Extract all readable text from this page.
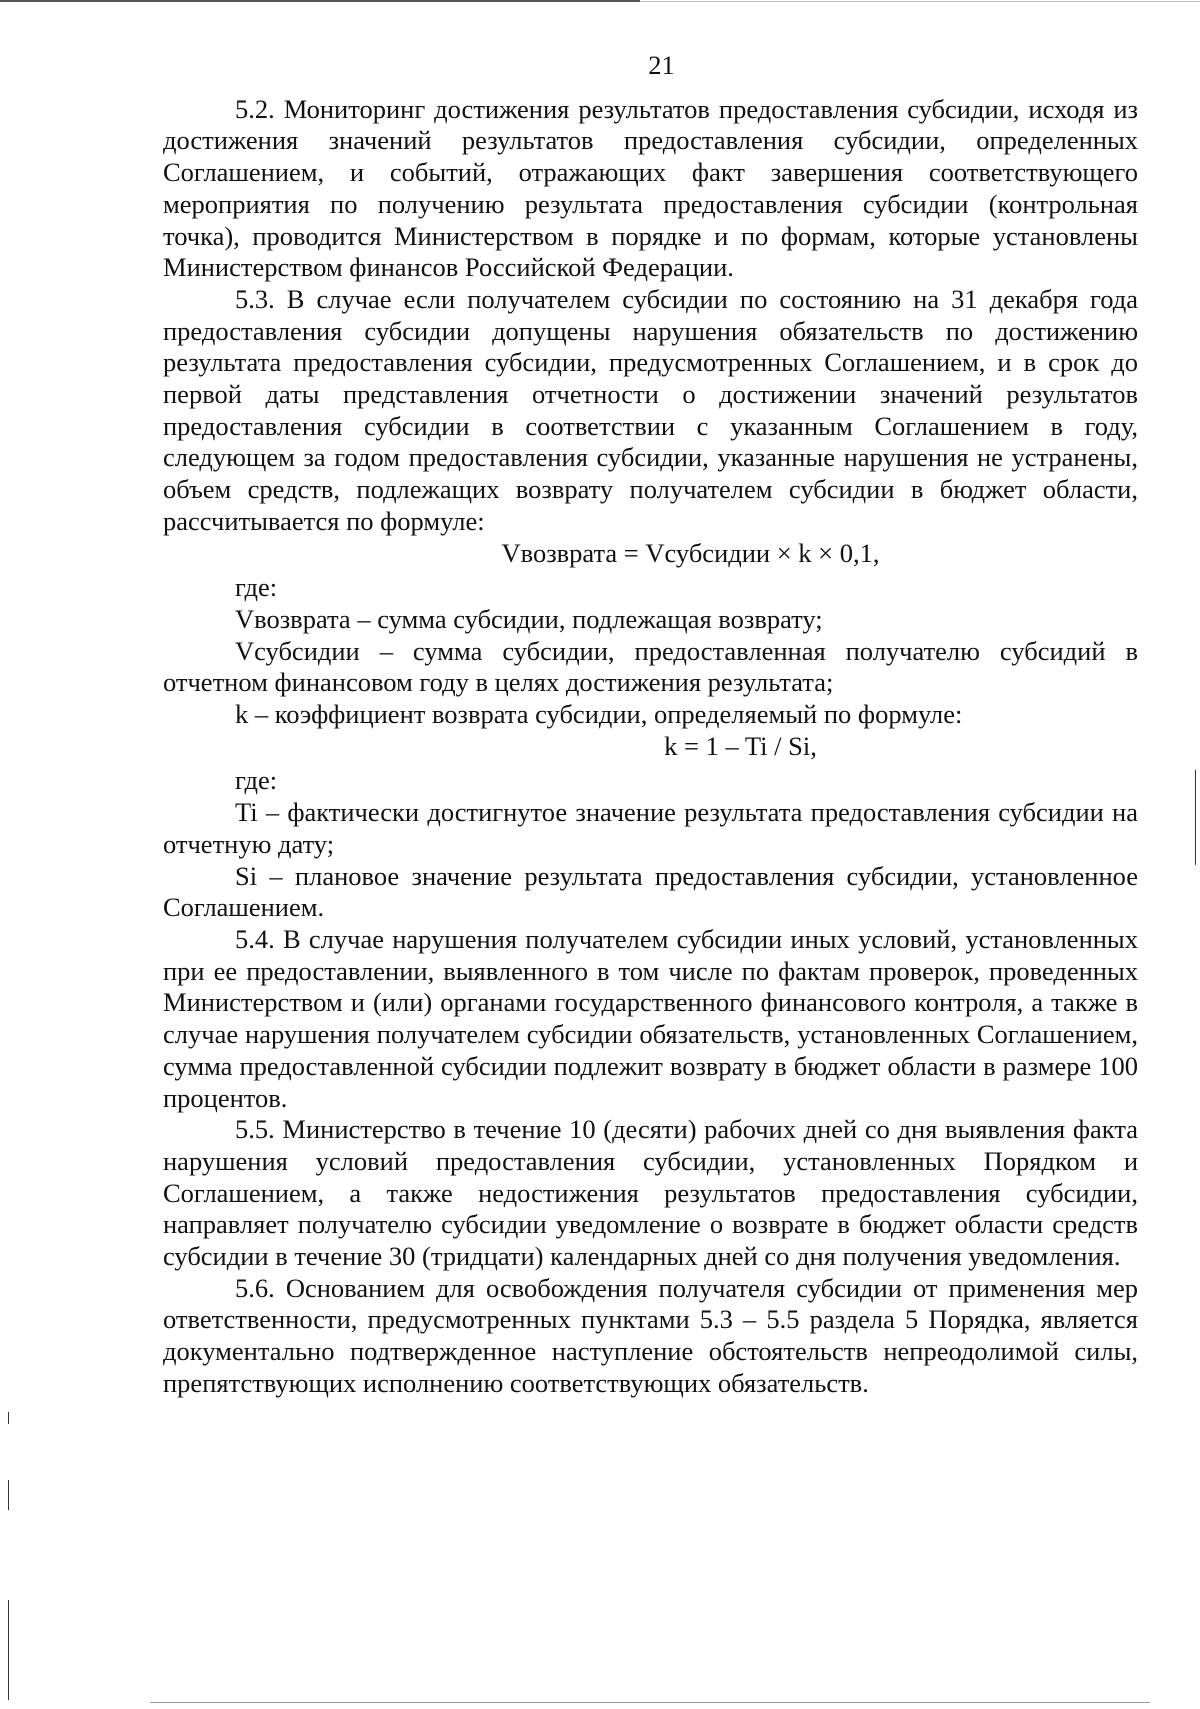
21

5.2. Мониторинг достижения результатов предоставления субсидии, исходя из достижения значений результатов предоставления субсидии, определенных Соглашением, и событий, отражающих факт завершения соответствующего мероприятия по получению результата предоставления субсидии (контрольная точка), проводится Министерством в порядке и по формам, которые установлены Министерством финансов Российской Федерации.

5.3. В случае если получателем субсидии по состоянию на 31 декабря года предоставления субсидии допущены нарушения обязательств по достижению результата предоставления субсидии, предусмотренных Соглашением, и в срок до первой даты представления отчетности о достижении значений результатов предоставления субсидии в соответствии с указанным Соглашением в году, следующем за годом предоставления субсидии, указанные нарушения не устранены, объем средств, подлежащих возврату получателем субсидии в бюджет области, рассчитывается по формуле:

Vвозврата = Vсубсидии × k × 0,1,

где:

Vвозврата – сумма субсидии, подлежащая возврату;

Vсубсидии – сумма субсидии, предоставленная получателю субсидий в отчетном финансовом году в целях достижения результата;

k – коэффициент возврата субсидии, определяемый по формуле:

k = 1 – Ti / Si,

где:

Ti – фактически достигнутое значение результата предоставления субсидии на отчетную дату;

Si – плановое значение результата предоставления субсидии, установленное Соглашением.

5.4. В случае нарушения получателем субсидии иных условий, установленных при ее предоставлении, выявленного в том числе по фактам проверок, проведенных Министерством и (или) органами государственного финансового контроля, а также в случае нарушения получателем субсидии обязательств, установленных Соглашением, сумма предоставленной субсидии подлежит возврату в бюджет области в размере 100 процентов.

5.5. Министерство в течение 10 (десяти) рабочих дней со дня выявления факта нарушения условий предоставления субсидии, установленных Порядком и Соглашением, а также недостижения результатов предоставления субсидии, направляет получателю субсидии уведомление о возврате в бюджет области средств субсидии в течение 30 (тридцати) календарных дней со дня получения уведомления.

5.6. Основанием для освобождения получателя субсидии от применения мер ответственности, предусмотренных пунктами 5.3 – 5.5 раздела 5 Порядка, является документально подтвержденное наступление обстоятельств непреодолимой силы, препятствующих исполнению соответствующих обязательств.
